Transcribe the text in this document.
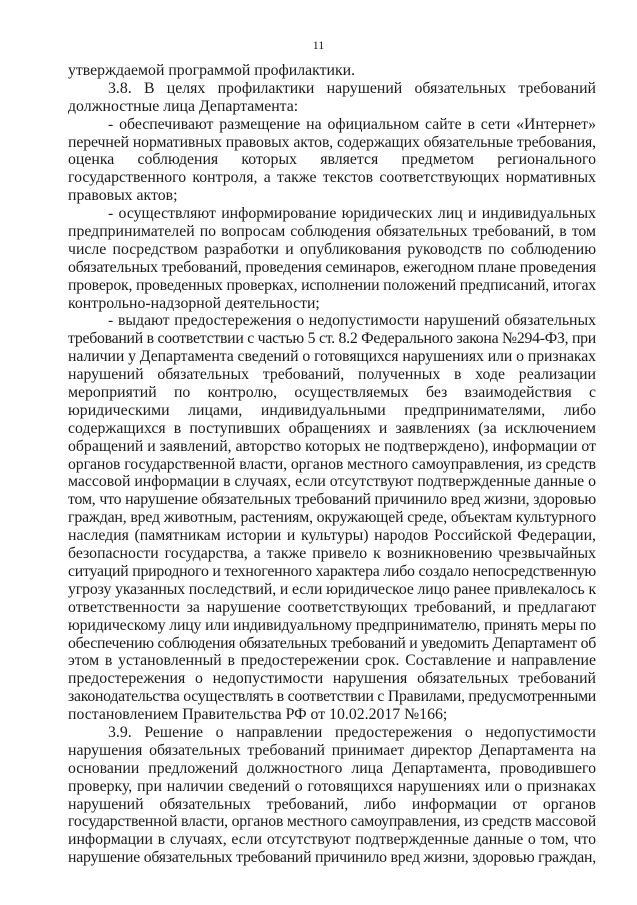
11
утверждаемой программой профилактики.
3.8. В целях профилактики нарушений обязательных требований
должностные лица Департамента:
- обеспечивают размещение на официальном сайте в сети «Интернет»
перечней нормативных правовых актов, содержащих обязательные требования,
оценка соблюдения которых является предметом регионального
государственного контроля, а также текстов соответствующих нормативных
правовых актов;
- осуществляют информирование юридических лиц и индивидуальных
предпринимателей по вопросам соблюдения обязательных требований, в том
числе посредством разработки и опубликования руководств по соблюдению
обязательных требований, проведения семинаров, ежегодном плане проведения
проверок, проведенных проверках, исполнении положений предписаний, итогах
контрольно-надзорной деятельности;
- выдают предостережения о недопустимости нарушений обязательных
требований в соответствии с частью 5 ст. 8.2 Федерального закона №294-ФЗ, при
наличии у Департамента сведений о готовящихся нарушениях или о признаках
нарушений обязательных требований, полученных в ходе реализации
мероприятий по контролю, осуществляемых без взаимодействия с
юридическими лицами, индивидуальными предпринимателями, либо
содержащихся в поступивших обращениях и заявлениях (за исключением
обращений и заявлений, авторство которых не подтверждено), информации от
органов государственной власти, органов местного самоуправления, из средств
массовой информации в случаях, если отсутствуют подтвержденные данные о
том, что нарушение обязательных требований причинило вред жизни, здоровью
граждан, вред животным, растениям, окружающей среде, объектам культурного
наследия (памятникам истории и культуры) народов Российской Федерации,
безопасности государства, а также привело к возникновению чрезвычайных
ситуаций природного и техногенного характера либо создало непосредственную
угрозу указанных последствий, и если юридическое лицо ранее привлекалось к
ответственности за нарушение соответствующих требований, и предлагают
юридическому лицу или индивидуальному предпринимателю, принять меры по
обеспечению соблюдения обязательных требований и уведомить Департамент об
этом в установленный в предостережении срок. Составление и направление
предостережения о недопустимости нарушения обязательных требований
законодательства осуществлять в соответствии с Правилами, предусмотренными
постановлением Правительства РФ от 10.02.2017 №166;
3.9. Решение о направлении предостережения о недопустимости
нарушения обязательных требований принимает директор Департамента на
основании предложений должностного лица Департамента, проводившего
проверку, при наличии сведений о готовящихся нарушениях или о признаках
нарушений обязательных требований, либо информации от органов
государственной власти, органов местного самоуправления, из средств массовой
информации в случаях, если отсутствуют подтвержденные данные о том, что
нарушение обязательных требований причинило вред жизни, здоровью граждан,
